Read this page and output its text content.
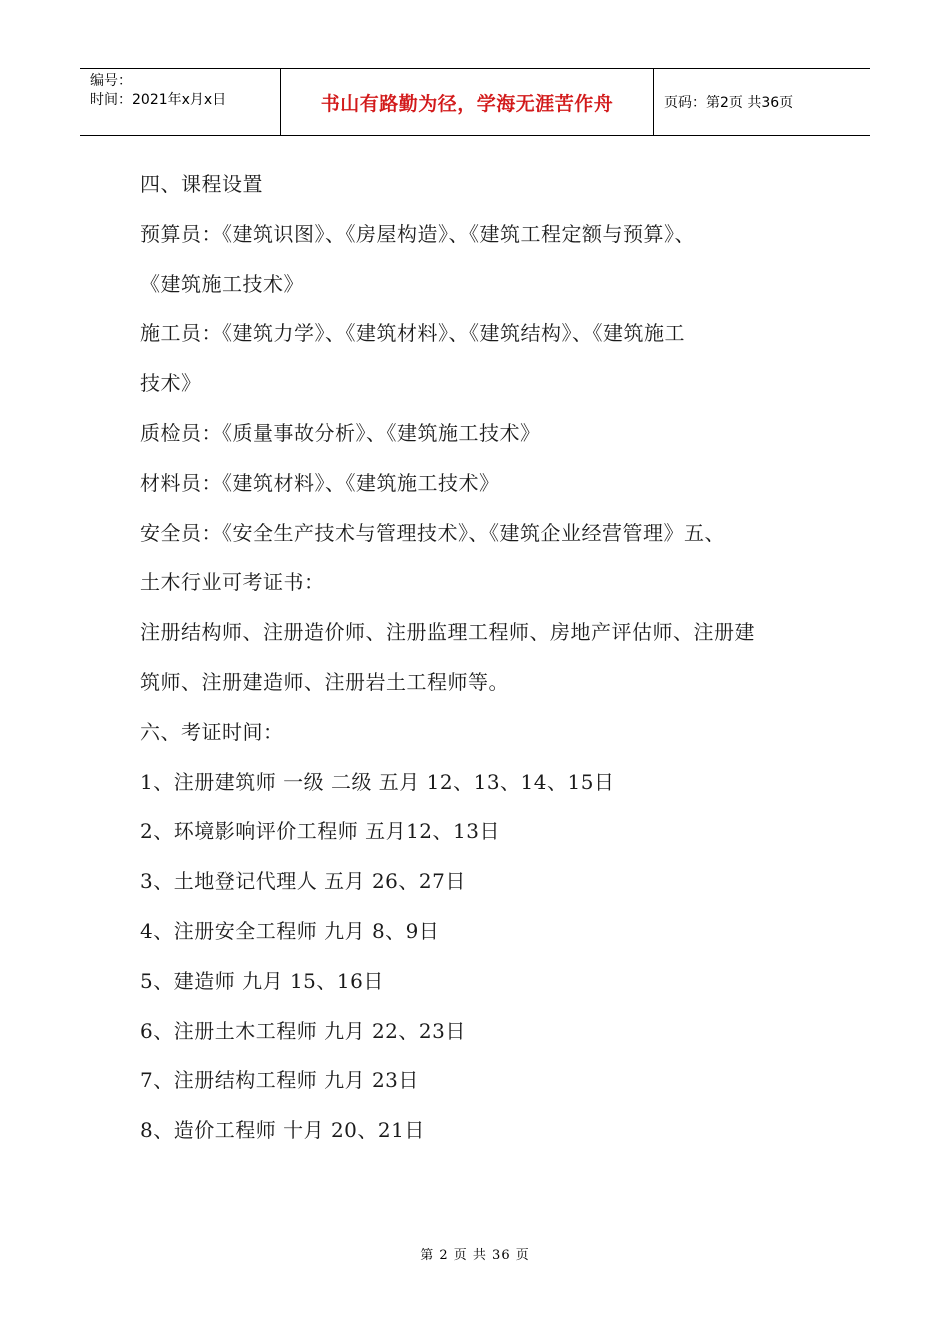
编号：
时间：2021年x月x日	书山有路勤为径，学海无涯苦作舟	页码：第2页 共36页
四、课程设置
预算员：《建筑识图》、《房屋构造》、《建筑工程定额与预算》、
《建筑施工技术》
施工员：《建筑力学》、《建筑材料》、《建筑结构》、《建筑施工
技术》
质检员：《质量事故分析》、《建筑施工技术》
材料员：《建筑材料》、《建筑施工技术》
安全员：《安全生产技术与管理技术》、《建筑企业经营管理》五、
土木行业可考证书：
注册结构师、注册造价师、注册监理工程师、房地产评估师、注册建
筑师、注册建造师、注册岩土工程师等。
六、考证时间：
1、注册建筑师 一级 二级 五月 12、13、14、15日
2、环境影响评价工程师 五月12、13日
3、土地登记代理人 五月 26、27日
4、注册安全工程师 九月 8、9日
5、建造师 九月 15、16日
6、注册土木工程师 九月 22、23日
7、注册结构工程师 九月 23日
8、造价工程师 十月 20、21日
第 2 页 共 36 页
